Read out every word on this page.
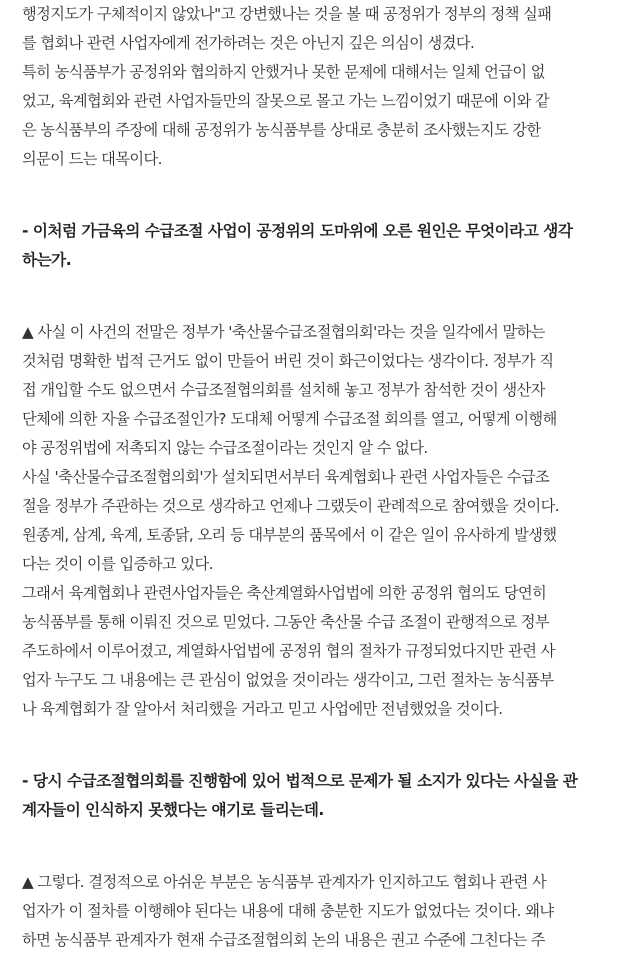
행정지도가 구체적이지 않았나"고 강변했나는 것을 볼 때 공정위가 정부의 정책 실패
를 협회나 관련 사업자에게 전가하려는 것은 아닌지 깊은 의심이 생겼다.
특히 농식품부가 공정위와 협의하지 안했거나 못한 문제에 대해서는 일체 언급이 없
었고, 육계협회와 관련 사업자들만의 잘못으로 몰고 가는 느낌이었기 때문에 이와 같
은 농식품부의 주장에 대해 공정위가 농식품부를 상대로 충분히 조사했는지도 강한
의문이 드는 대목이다.

- 이처럼 가금육의 수급조절 사업이 공정위의 도마위에 오른 원인은 무엇이라고 생각
하는가.

▲ 사실 이 사건의 전말은 정부가 '축산물수급조절협의회'라는 것을 일각에서 말하는
것처럼 명확한 법적 근거도 없이 만들어 버린 것이 화근이었다는 생각이다. 정부가 직
접 개입할 수도 없으면서 수급조절협의회를 설치해 놓고 정부가 참석한 것이 생산자
단체에 의한 자율 수급조절인가? 도대체 어떻게 수급조절 회의를 열고, 어떻게 이행해
야 공정위법에 저촉되지 않는 수급조절이라는 것인지 알 수 없다.
사실 '축산물수급조절협의회'가 설치되면서부터 육계협회나 관련 사업자들은 수급조
절을 정부가 주관하는 것으로 생각하고 언제나 그랬듯이 관례적으로 참여했을 것이다.
원종계, 삼계, 육계, 토종닭, 오리 등 대부분의 품목에서 이 같은 일이 유사하게 발생했
다는 것이 이를 입증하고 있다.
그래서 육계협회나 관련사업자들은 축산계열화사업법에 의한 공정위 협의도 당연히
농식품부를 통해 이뤄진 것으로 믿었다. 그동안 축산물 수급 조절이 관행적으로 정부
주도하에서 이루어졌고, 계열화사업법에 공정위 협의 절차가 규정되었다지만 관련 사
업자 누구도 그 내용에는 큰 관심이 없었을 것이라는 생각이고, 그런 절차는 농식품부
나 육계협회가 잘 알아서 처리했을 거라고 믿고 사업에만 전념했었을 것이다.

- 당시 수급조절협의회를 진행함에 있어 법적으로 문제가 될 소지가 있다는 사실을 관
계자들이 인식하지 못했다는 얘기로 들리는데.

▲ 그렇다. 결정적으로 아쉬운 부분은 농식품부 관계자가 인지하고도 협회나 관련 사
업자가 이 절차를 이행해야 된다는 내용에 대해 충분한 지도가 없었다는 것이다. 왜냐
하면 농식품부 관계자가 현재 수급조절협의회 논의 내용은 권고 수준에 그친다는 주
